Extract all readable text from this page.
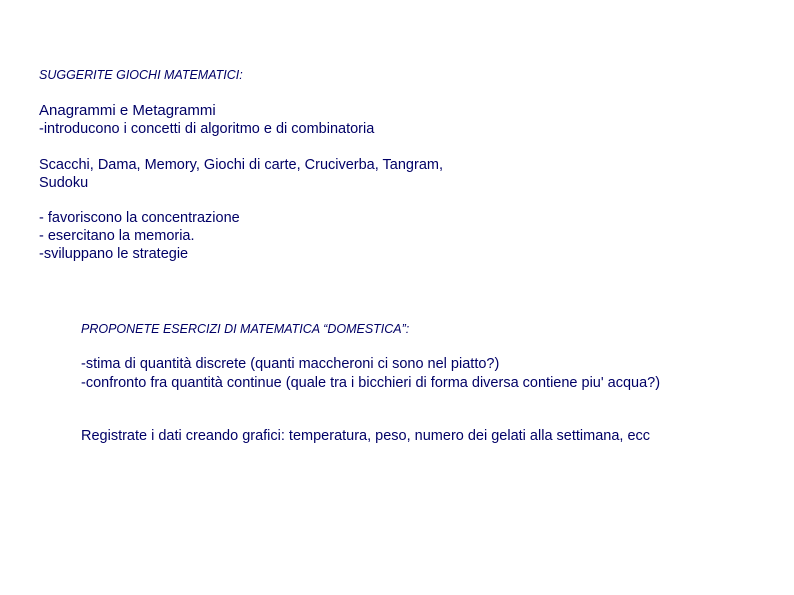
SUGGERITE GIOCHI MATEMATICI:

Anagrammi e Metagrammi

-introducono i concetti di algoritmo e di combinatoria

Scacchi, Dama, Memory, Giochi di carte, Cruciverba, Tangram,

Sudoku

- favoriscono la concentrazione

- esercitano la memoria.

-sviluppano le strategie

PROPONETE ESERCIZI DI MATEMATICA “DOMESTICA”:

-stima di quantità discrete (quanti maccheroni ci sono nel piatto?)

-confronto fra quantità continue (quale tra i bicchieri di forma diversa contiene piu' acqua?)

Registrate i dati creando grafici: temperatura, peso, numero dei gelati alla settimana, ecc
